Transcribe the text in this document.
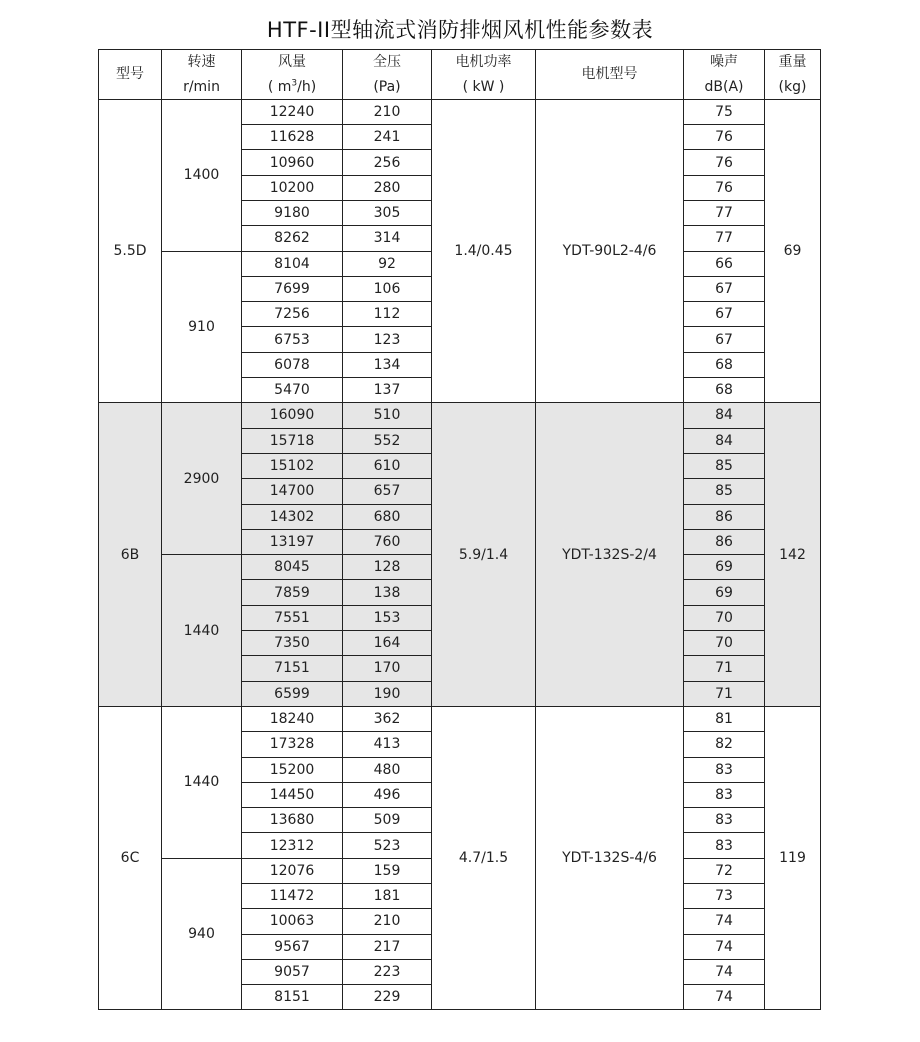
HTF-II型轴流式消防排烟风机性能参数表
型号	转速	风量	全压	电机功率	电机型号	噪声	重量
	r/min	( $m^3/h$)	(Pa)	( kW )		dB(A)	(kg)
5.5D	1400	12240	210	1.4/0.45	YDT-90L2-4/6	75	69
		11628	241			76	
		10960	256			76	
		10200	280			76	
		9180	305			77	
		8262	314			77	
	910	8104	92			66	
		7699	106			67	
		7256	112			67	
		6753	123			67	
		6078	134			68	
		5470	137			68	
6B	2900	16090	510	5.9/1.4	YDT-132S-2/4	84	142
		15718	552			84	
		15102	610			85	
		14700	657			85	
		14302	680			86	
		13197	760			86	
	1440	8045	128			69	
		7859	138			69	
		7551	153			70	
		7350	164			70	
		7151	170			71	
		6599	190			71	
6C	1440	18240	362	4.7/1.5	YDT-132S-4/6	81	119
		17328	413			82	
		15200	480			83	
		14450	496			83	
		13680	509			83	
		12312	523			83	
	940	12076	159			72	
		11472	181			73	
		10063	210			74	
		9567	217			74	
		9057	223			74	
		8151	229			74	
